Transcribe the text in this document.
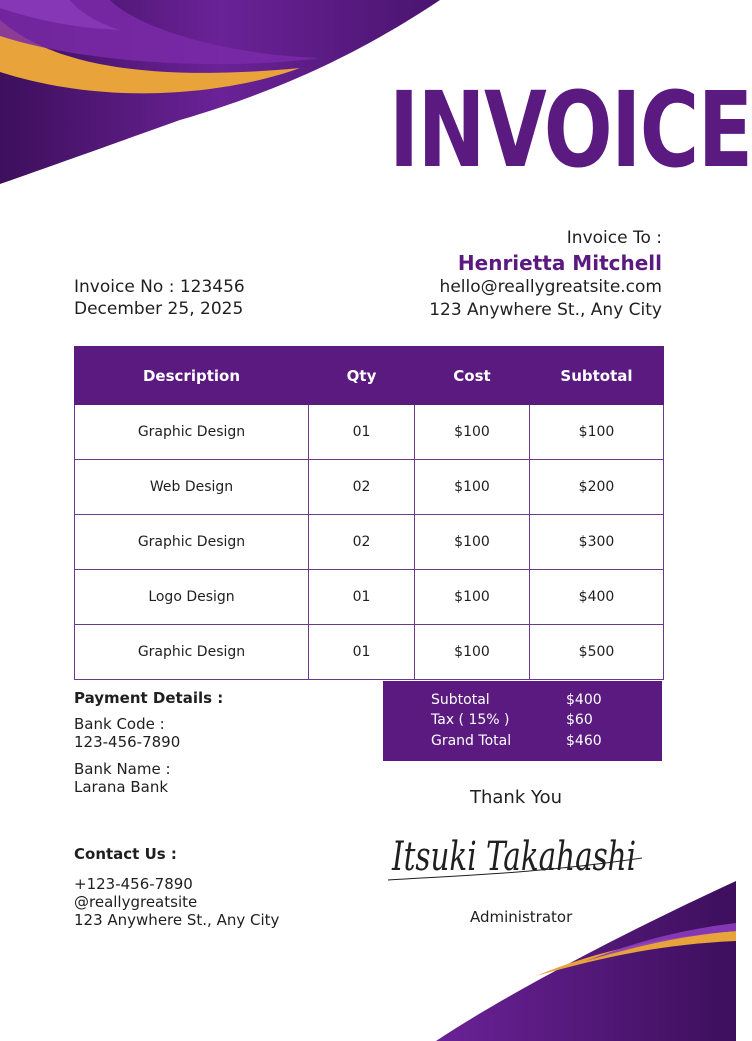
INVOICE
Invoice To :
Henrietta Mitchell
hello@reallygreatsite.com
123 Anywhere St., Any City
Invoice No : 123456
December 25, 2025
Description	Qty	Cost	Subtotal
Graphic Design	01	$100	$100
Web Design	02	$100	$200
Graphic Design	02	$100	$300
Logo Design	01	$100	$400
Graphic Design	01	$100	$500
Payment Details :
Bank Code :
123-456-7890
Bank Name :
Larana Bank
Contact Us :
+123-456-7890
@reallygreatsite
123 Anywhere St., Any City
Subtotal	$400
Tax ( 15% )	$60
Grand Total	$460
Thank You
Itsuki Takahashi
Administrator
